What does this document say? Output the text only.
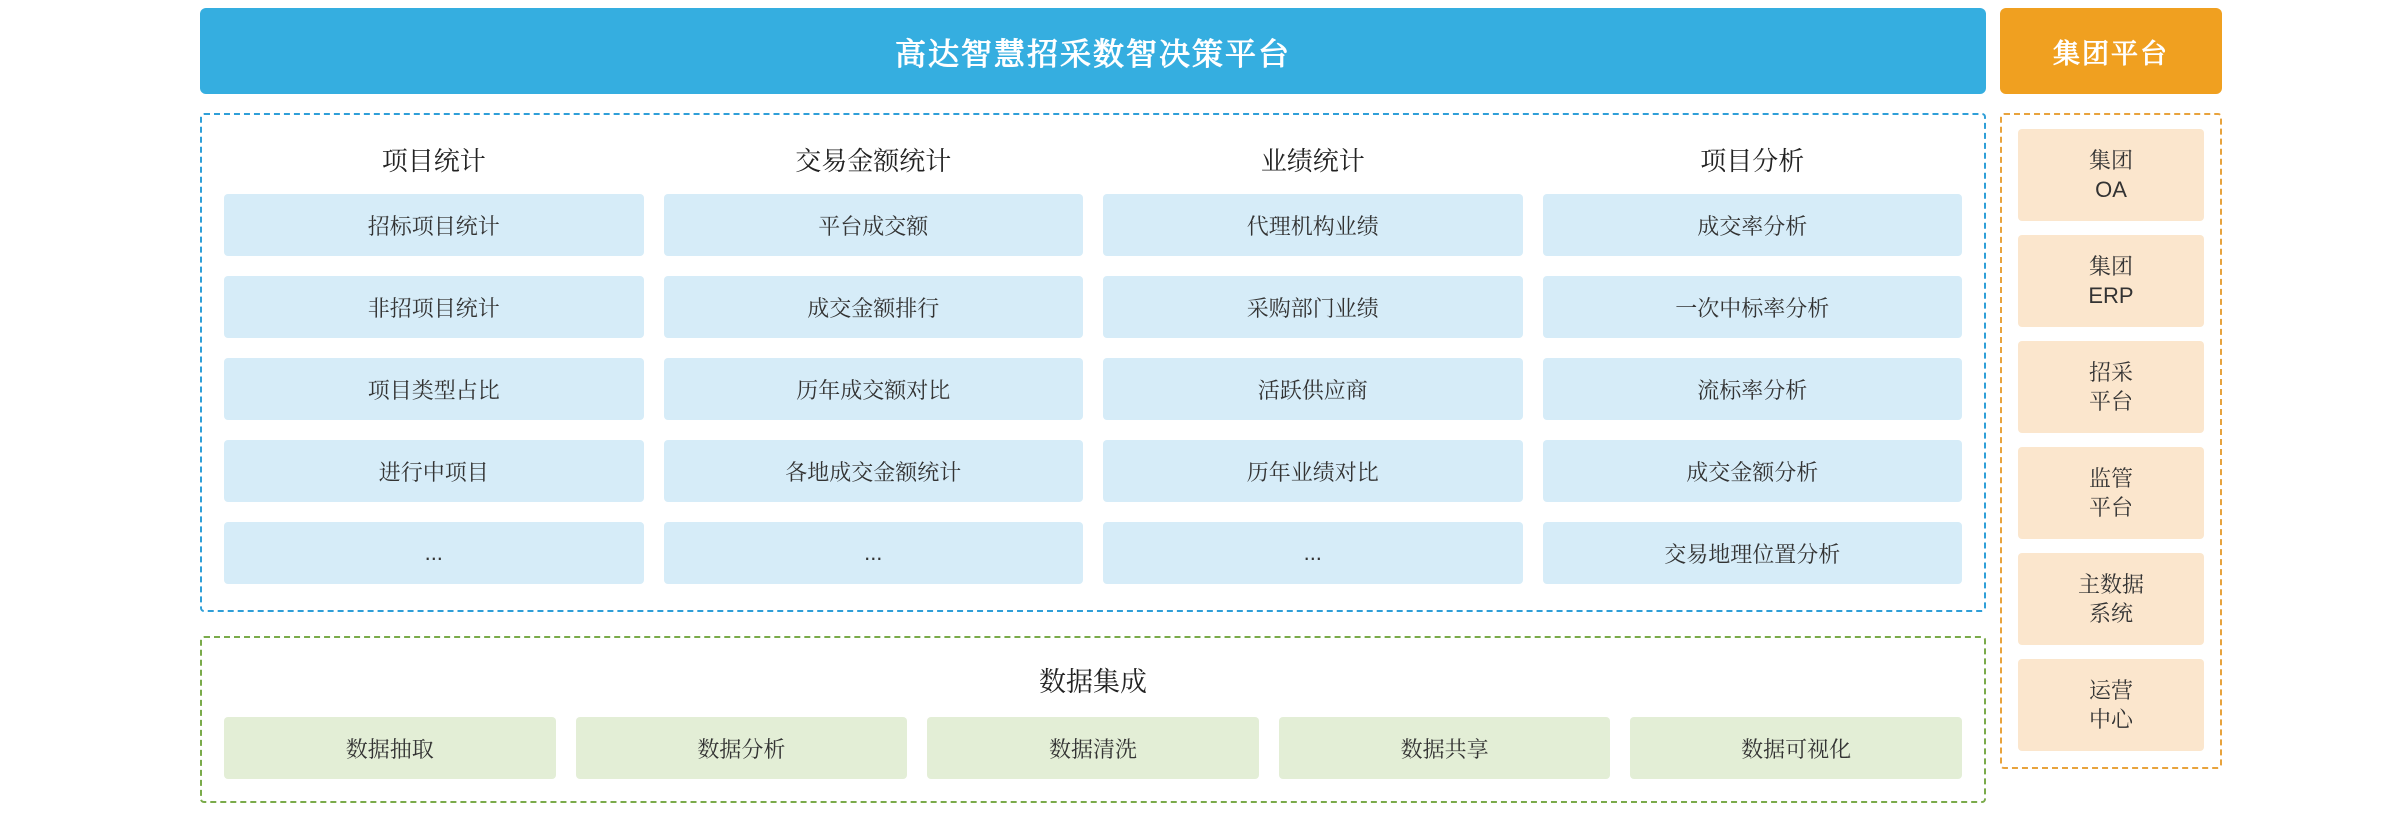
高达智慧招采数智决策平台
项目统计
招标项目统计
非招项目统计
项目类型占比
进行中项目
...
交易金额统计
平台成交额
成交金额排行
历年成交额对比
各地成交金额统计
...
业绩统计
代理机构业绩
采购部门业绩
活跃供应商
历年业绩对比
...
项目分析
成交率分析
一次中标率分析
流标率分析
成交金额分析
交易地理位置分析
数据集成
数据抽取	数据分析	数据清洗	数据共享	数据可视化
集团平台
集团
OA
集团
ERP
招采
平台
监管
平台
主数据
系统
运营
中心
